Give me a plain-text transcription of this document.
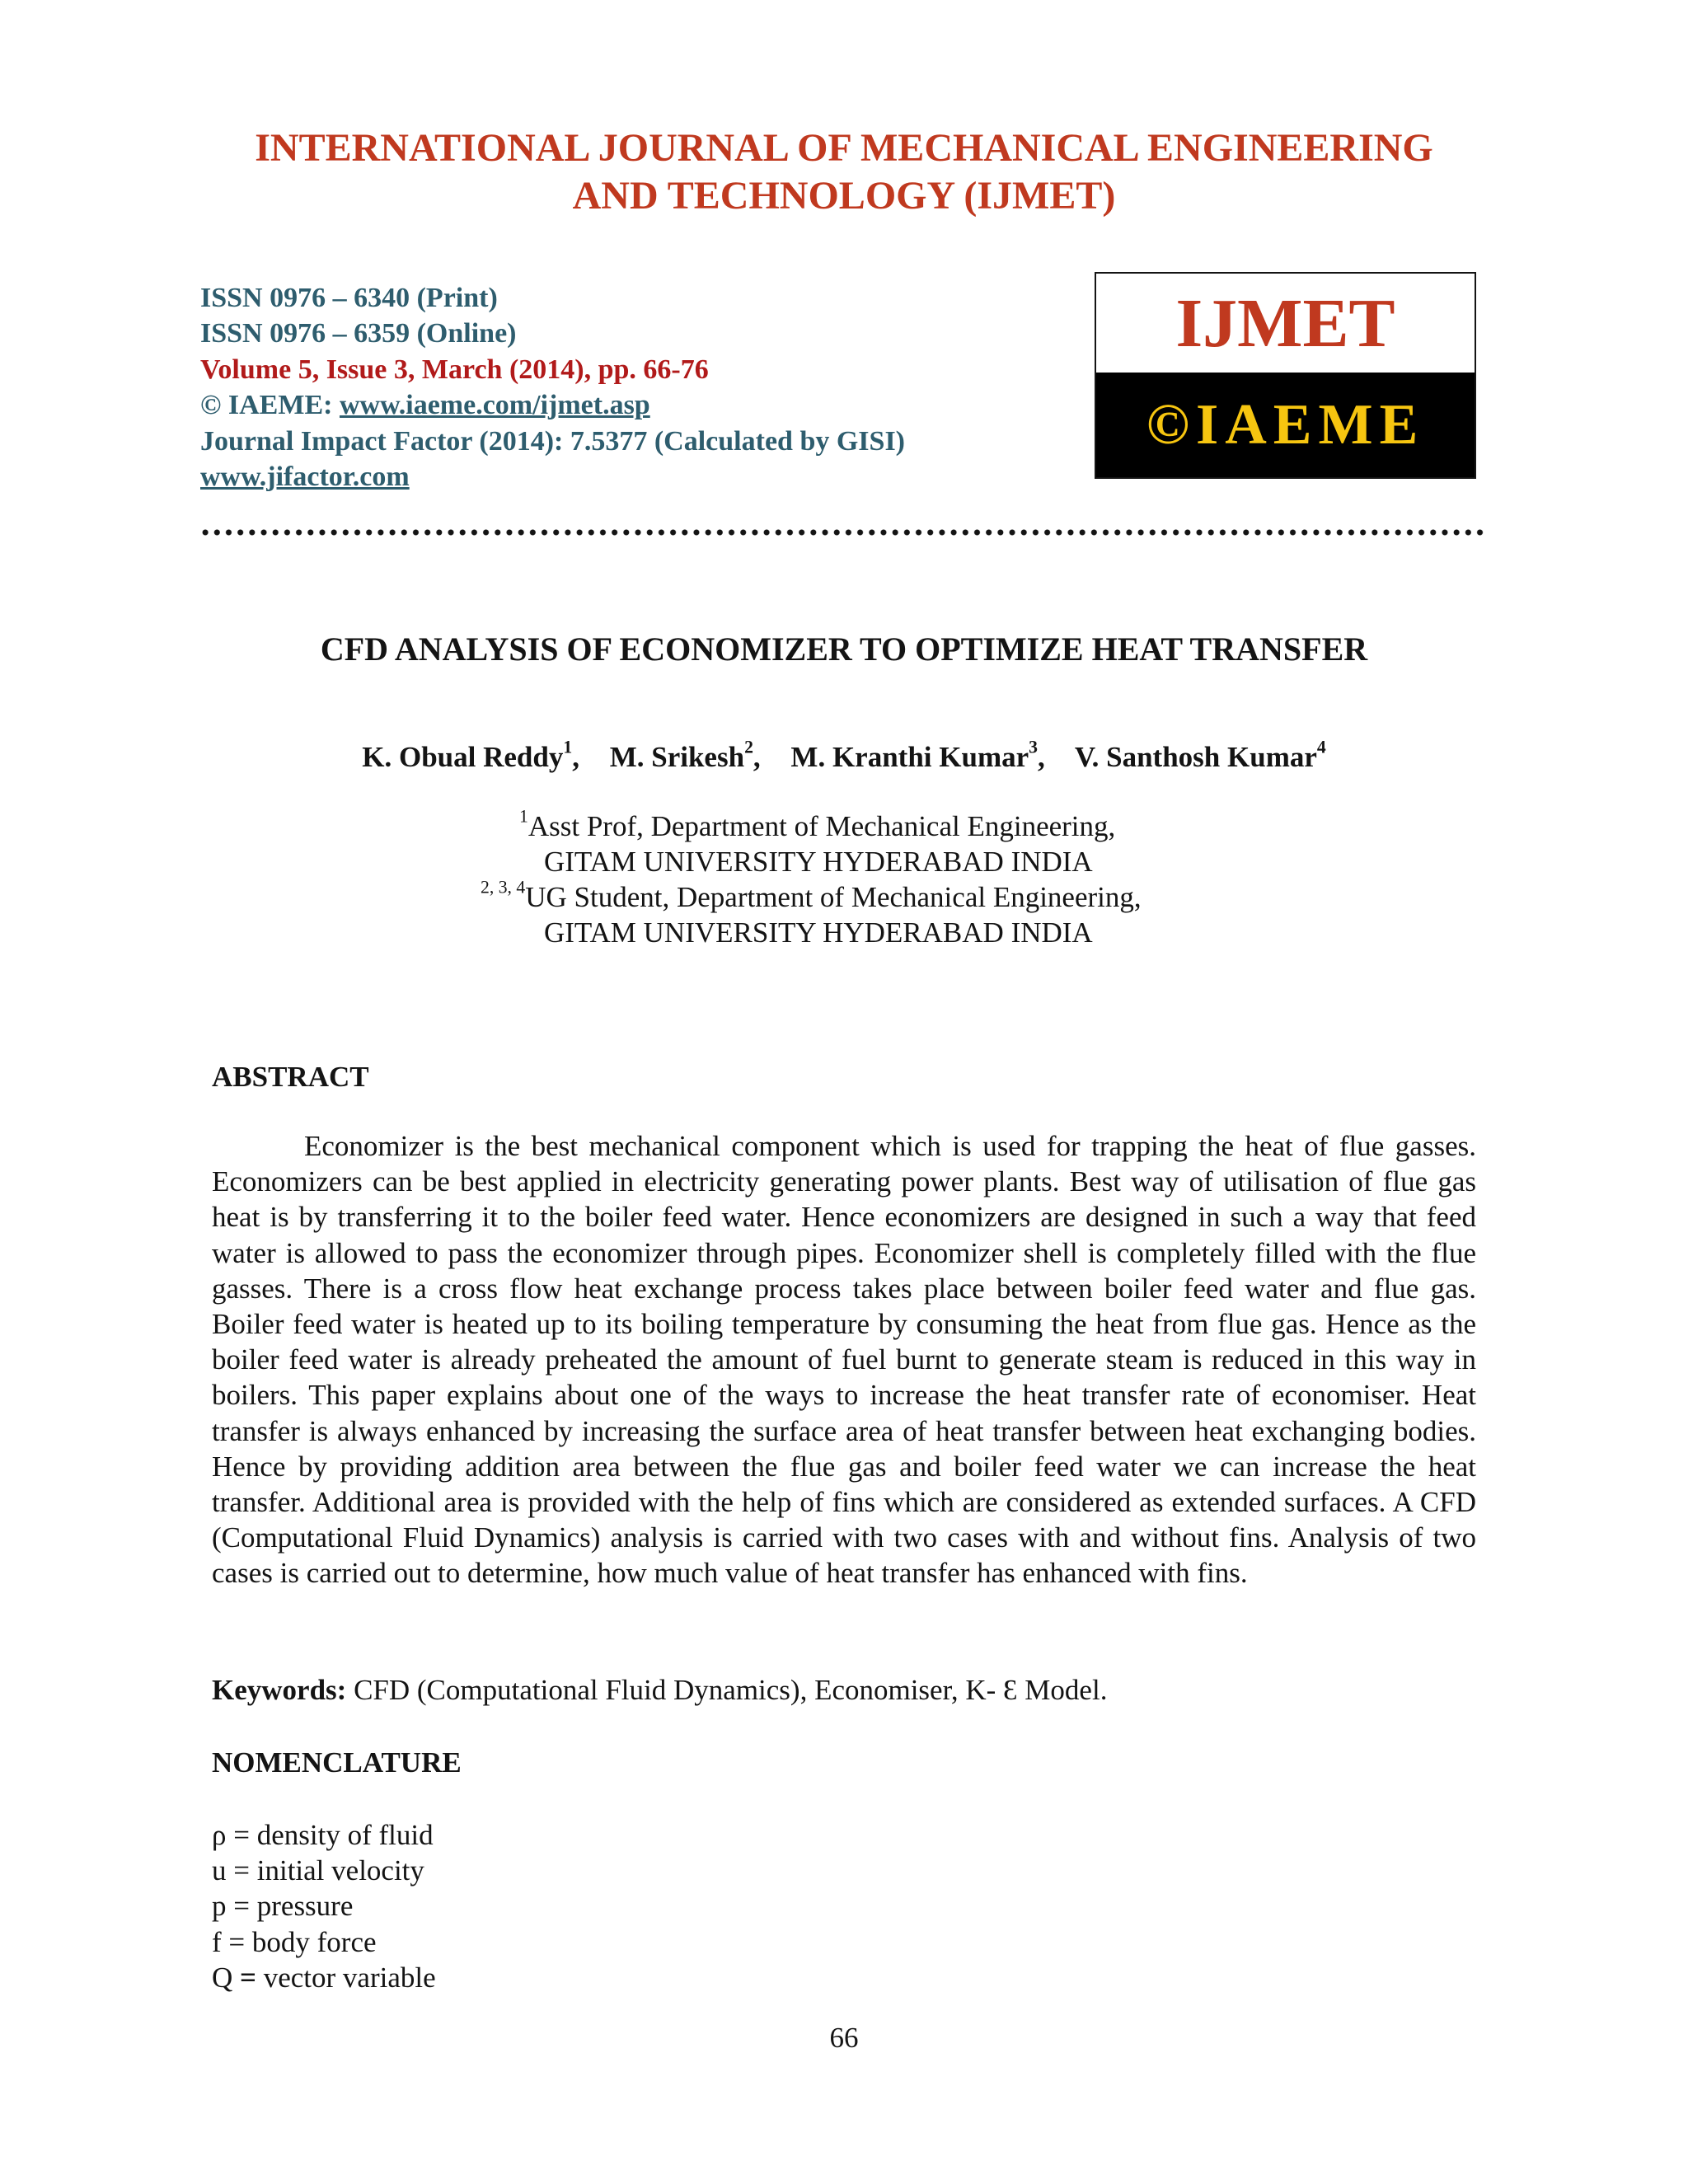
INTERNATIONAL JOURNAL OF MECHANICAL ENGINEERING
AND TECHNOLOGY (IJMET)
ISSN 0976 – 6340 (Print)
ISSN 0976 – 6359 (Online)
Volume 5, Issue 3, March (2014), pp. 66-76
© IAEME: www.iaeme.com/ijmet.asp
Journal Impact Factor (2014): 7.5377 (Calculated by GISI)
www.jifactor.com
IJMET
©IAEME
CFD ANALYSIS OF ECONOMIZER TO OPTIMIZE HEAT TRANSFER
K. Obual Reddy$^1$, M. Srikesh$^2$, M. Kranthi Kumar$^3$, V. Santhosh Kumar$^4$
$^1$Asst Prof, Department of Mechanical Engineering,
GITAM UNIVERSITY HYDERABAD INDIA
$^{2, 3, 4}$UG Student, Department of Mechanical Engineering,
GITAM UNIVERSITY HYDERABAD INDIA
ABSTRACT

Economizer is the best mechanical component which is used for trapping the heat of flue gasses. Economizers can be best applied in electricity generating power plants. Best way of utilisation of flue gas heat is by transferring it to the boiler feed water. Hence economizers are designed in such a way that feed water is allowed to pass the economizer through pipes. Economizer shell is completely filled with the flue gasses. There is a cross flow heat exchange process takes place between boiler feed water and flue gas. Boiler feed water is heated up to its boiling temperature by consuming the heat from flue gas. Hence as the boiler feed water is already preheated the amount of fuel burnt to generate steam is reduced in this way in boilers. This paper explains about one of the ways to increase the heat transfer rate of economiser. Heat transfer is always enhanced by increasing the surface area of heat transfer between heat exchanging bodies. Hence by providing addition area between the flue gas and boiler feed water we can increase the heat transfer. Additional area is provided with the help of fins which are considered as extended surfaces. A CFD (Computational Fluid Dynamics) analysis is carried with two cases with and without fins. Analysis of two cases is carried out to determine, how much value of heat transfer has enhanced with fins.

Keywords: CFD (Computational Fluid Dynamics), Economiser, K- Ɛ Model.
NOMENCLATURE
ρ = density of fluid
u = initial velocity
p = pressure
f = body force
Q = vector variable
66
